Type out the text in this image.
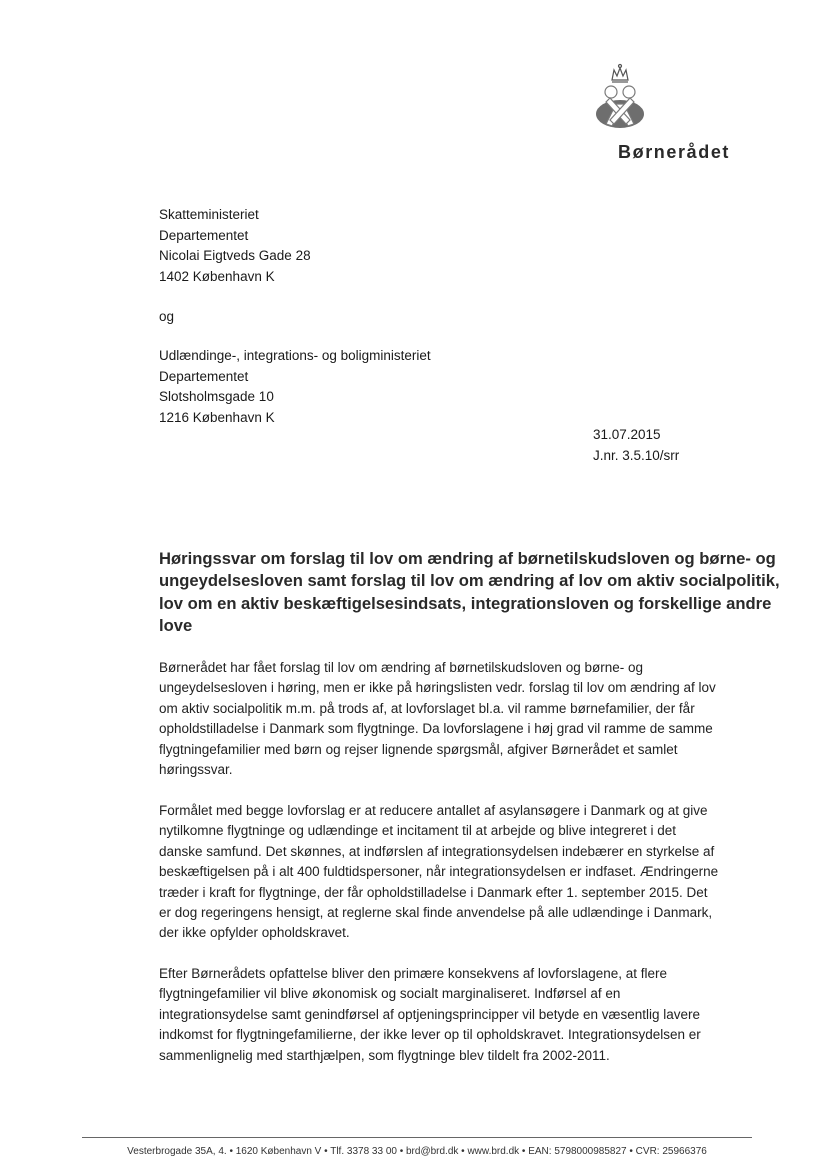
Børnerådet
Skatteministeriet
Departementet
Nicolai Eigtveds Gade 28
1402 København K
og
Udlændinge-, integrations- og boligministeriet
Departementet
Slotsholmsgade 10
1216 København K
31.07.2015
J.nr. 3.5.10/srr
Høringssvar om forslag til lov om ændring af børnetilskudsloven og børne- og
ungeydelsesloven samt forslag til lov om ændring af lov om aktiv socialpolitik,
lov om en aktiv beskæftigelsesindsats, integrationsloven og forskellige andre
love

Børnerådet har fået forslag til lov om ændring af børnetilskudsloven og børne- og
ungeydelsesloven i høring, men er ikke på høringslisten vedr. forslag til lov om ændring af lov
om aktiv socialpolitik m.m. på trods af, at lovforslaget bl.a. vil ramme børnefamilier, der får
opholdstilladelse i Danmark som flygtninge. Da lovforslagene i høj grad vil ramme de samme
flygtningefamilier med børn og rejser lignende spørgsmål, afgiver Børnerådet et samlet
høringssvar.

Formålet med begge lovforslag er at reducere antallet af asylansøgere i Danmark og at give
nytilkomne flygtninge og udlændinge et incitament til at arbejde og blive integreret i det
danske samfund. Det skønnes, at indførslen af integrationsydelsen indebærer en styrkelse af
beskæftigelsen på i alt 400 fuldtidspersoner, når integrationsydelsen er indfaset. Ændringerne
træder i kraft for flygtninge, der får opholdstilladelse i Danmark efter 1. september 2015. Det
er dog regeringens hensigt, at reglerne skal finde anvendelse på alle udlændinge i Danmark,
der ikke opfylder opholdskravet.

Efter Børnerådets opfattelse bliver den primære konsekvens af lovforslagene, at flere
flygtningefamilier vil blive økonomisk og socialt marginaliseret. Indførsel af en
integrationsydelse samt genindførsel af optjeningsprincipper vil betyde en væsentlig lavere
indkomst for flygtningefamilierne, der ikke lever op til opholdskravet. Integrationsydelsen er
sammenlignelig med starthjælpen, som flygtninge blev tildelt fra 2002-2011.

Vesterbrogade 35A, 4. • 1620 København V • Tlf. 3378 33 00 • brd@brd.dk • www.brd.dk • EAN: 5798000985827 • CVR: 25966376
